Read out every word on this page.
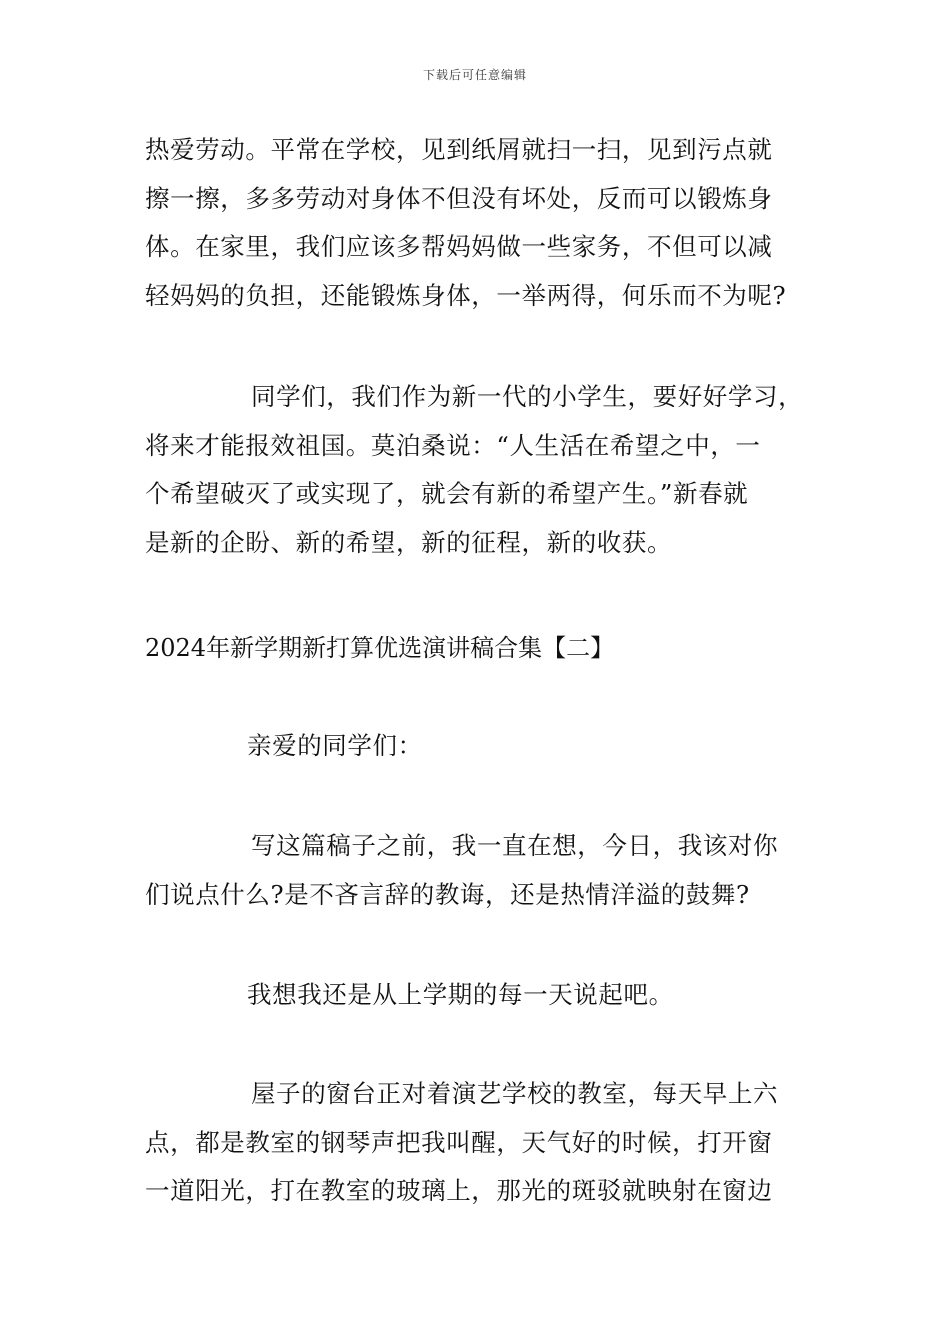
下载后可任意编辑
热爱劳动。平常在学校，见到纸屑就扫一扫，见到污点就
擦一擦，多多劳动对身体不但没有坏处，反而可以锻炼身
体。在家里，我们应该多帮妈妈做一些家务，不但可以减
轻妈妈的负担，还能锻炼身体，一举两得，何乐而不为呢?
同学们，我们作为新一代的小学生，要好好学习，
将来才能报效祖国。莫泊桑说：“人生活在希望之中，一
个希望破灭了或实现了，就会有新的希望产生。”新春就
是新的企盼、新的希望，新的征程，新的收获。
2024年新学期新打算优选演讲稿合集【二】
亲爱的同学们：
写这篇稿子之前，我一直在想，今日，我该对你
们说点什么?是不吝言辞的教诲，还是热情洋溢的鼓舞?
我想我还是从上学期的每一天说起吧。
屋子的窗台正对着演艺学校的教室，每天早上六
点，都是教室的钢琴声把我叫醒，天气好的时候，打开窗
一道阳光，打在教室的玻璃上，那光的斑驳就映射在窗边
